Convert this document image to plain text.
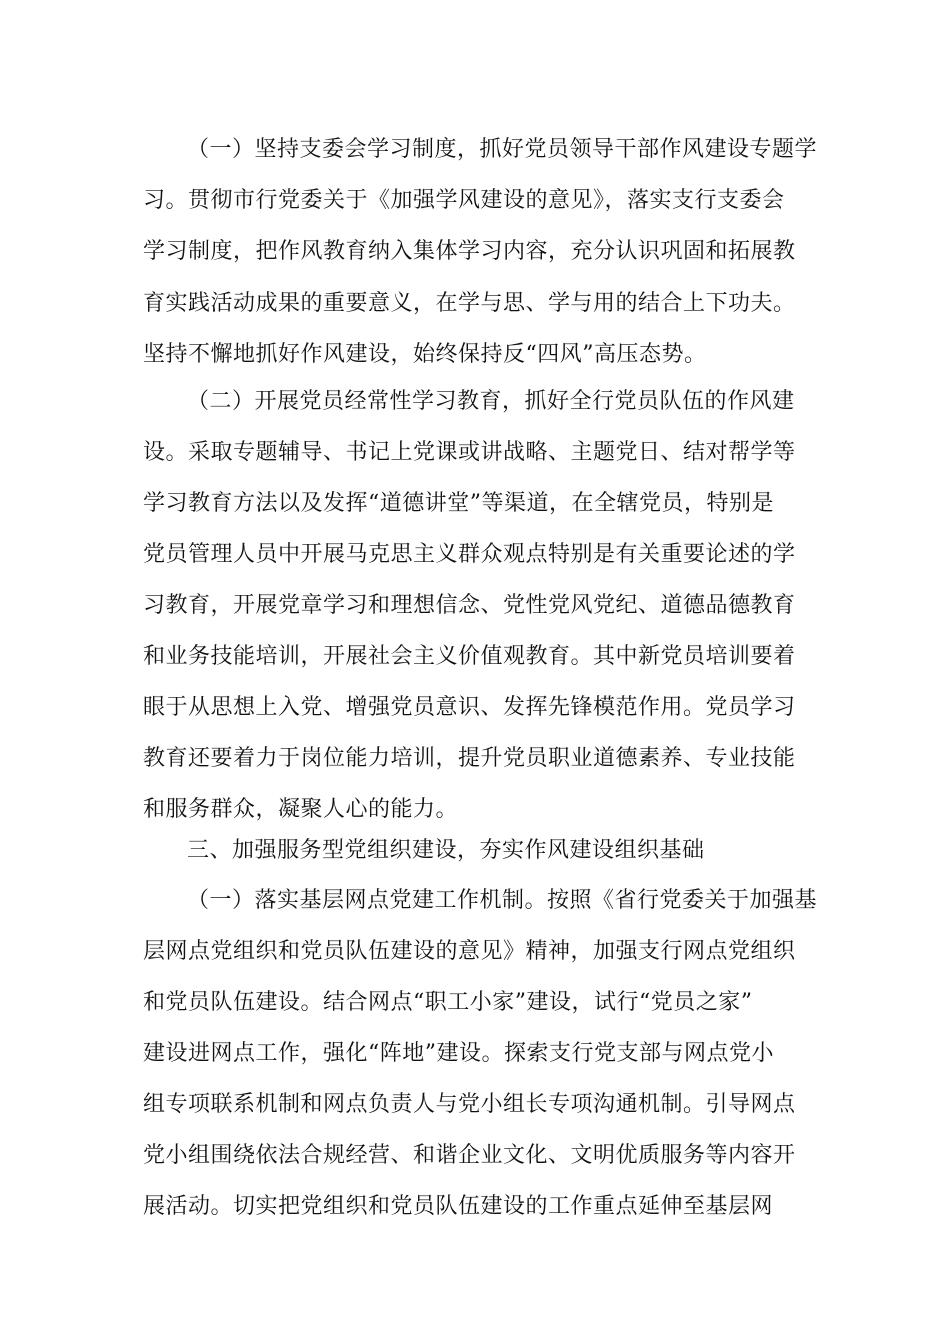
（一）坚持支委会学习制度，抓好党员领导干部作风建设专题学
习。贯彻市行党委关于《加强学风建设的意见》，落实支行支委会
学习制度，把作风教育纳入集体学习内容，充分认识巩固和拓展教
育实践活动成果的重要意义，在学与思、学与用的结合上下功夫。
坚持不懈地抓好作风建设，始终保持反“四风”高压态势。
（二）开展党员经常性学习教育，抓好全行党员队伍的作风建
设。采取专题辅导、书记上党课或讲战略、主题党日、结对帮学等
学习教育方法以及发挥“道德讲堂”等渠道，在全辖党员，特别是
党员管理人员中开展马克思主义群众观点特别是有关重要论述的学
习教育，开展党章学习和理想信念、党性党风党纪、道德品德教育
和业务技能培训，开展社会主义价值观教育。其中新党员培训要着
眼于从思想上入党、增强党员意识、发挥先锋模范作用。党员学习
教育还要着力于岗位能力培训，提升党员职业道德素养、专业技能
和服务群众，凝聚人心的能力。
三、加强服务型党组织建设，夯实作风建设组织基础
（一）落实基层网点党建工作机制。按照《省行党委关于加强基
层网点党组织和党员队伍建设的意见》精神，加强支行网点党组织
和党员队伍建设。结合网点“职工小家”建设，试行“党员之家”
建设进网点工作，强化“阵地”建设。探索支行党支部与网点党小
组专项联系机制和网点负责人与党小组长专项沟通机制。引导网点
党小组围绕依法合规经营、和谐企业文化、文明优质服务等内容开
展活动。切实把党组织和党员队伍建设的工作重点延伸至基层网
